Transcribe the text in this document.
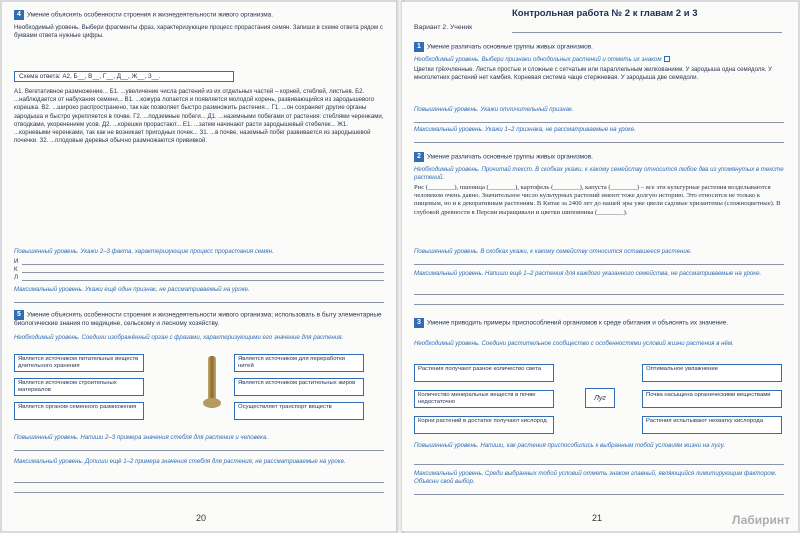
4 Умение объяснять особенности строения и жизнедеятельности живого организма.
Необходимый уровень. Выбери фрагменты фраз, характеризующие процесс прорастания семян. Запиши в схеме ответа рядом с буквами ответа нужные цифры.
Схема ответа: А2, Б__, В__, Г__, Д__, Ж__, З__.
А1. Вегетативное размножение... Б1. ...увеличение числа растений из их отдельных частей – корней, стеблей, листьев. Б2. ...наблюдается от набухания семени... В1. ...кожура лопается и появляется молодой корень, развивающийся из зародышевого корешка. В2. ...широко распространено, так как позволяет быстро размножить растения... Г1. ...он сохраняет другие органы зародыша и быстро укрепляется в почве. Г2. ...подземные побеги... Д1. ...наземными побегами от растения: стеблями черенками, отводками, укоренением усов. Д2. ...корешки прорастают... Е1. ...затем начинают расти зародышевый стебелек... Ж1. ...корневыми черенками, так как не возникает пригодных почек... З1. ...в почве, наземный побег развивается из зародышевой почечки. З2. ...плодовые деревья обычно размножаются прививкой.
Повышенный уровень. Укажи 2–3 факта, характеризующие процесс прорастания семян.
И
К
Л
Максимальный уровень. Укажи ещё один признак, не рассматриваемый на уроке.
5 Умение объяснять особенности строения и жизнедеятельности живого организма; использовать в быту элементарные биологические знания по медицине, сельскому и лесному хозяйству.
Необходимый уровень. Соедини изображённый орган с фразами, характеризующими его значение для растения.
Является источником питательных веществ длительного хранения
Является источником строительных материалов
Является органом семенного размножения
Является источником для переработки нитей
Является источником растительных жиров
Осуществляет транспорт веществ
Повышенный уровень. Напиши 2–3 примера значения стебля для растения и человека.
Максимальный уровень. Допиши ещё 1–2 примера значения стебля для растения, не рассматриваемые на уроке.
20
Контрольная работа № 2 к главам 2 и 3
Вариант 2. Ученик
1 Умение различать основные группы живых организмов.
Необходимый уровень. Выбери признаки однодольных растений и отметь их знаком
Цветки трёхчленные. Листья простые и сложные с сетчатым или параллельным жилкованием. У зародыша одна семядоля. У многолетних растений нет камбия. Корневая система чаще стержневая. У зародыша две семядоли.
Повышенный уровень. Укажи отличительный признак.
Максимальный уровень. Укажи 1–2 признака, не рассматриваемые на уроке.
2 Умение различать основные группы живых организмов.
Необходимый уровень. Прочитай текст. В скобках укажи, к какому семейству относится любое два из упомянутых в тексте растений.
Рис (________), пшеница (________), картофель (________), капуста (________) – все эти культурные растения возделываются человеком очень давно. Значительное число культурных растений имеют тоже долгую историю. Это относится не только к пищевым, но и к декоративным растениям. В Китае за 2400 лет до нашей эры уже цвели садовые хризантемы (сложноцветные). В глубокой древности в Персии выращивали и цветки шиповника (________).
Повышенный уровень. В скобках укажи, к какому семейству относится оставшееся растение.
Максимальный уровень. Напиши ещё 1–2 растения для каждого указанного семейства, не рассматриваемые на уроке.
3 Умение приводить примеры приспособлений организмов к среде обитания и объяснять их значение.
Необходимый уровень. Соедини растительное сообщество с особенностями условий жизни растения в нём.
Растения получают разное количество света
Количество минеральных веществ в почве недостаточно
Корни растений в достатке получают кислород
Луг
Оптимальное увлажнение
Почва насыщена органическими веществами
Растения испытывают нехватку кислорода
Повышенный уровень. Напиши, как растения приспособились к выбранным тобой условиям жизни на лугу.
Максимальный уровень. Среди выбранных тобой условий отметь знаком главный, являющийся лимитирующим фактором. Объясни свой выбор.
21	Лабиринт
